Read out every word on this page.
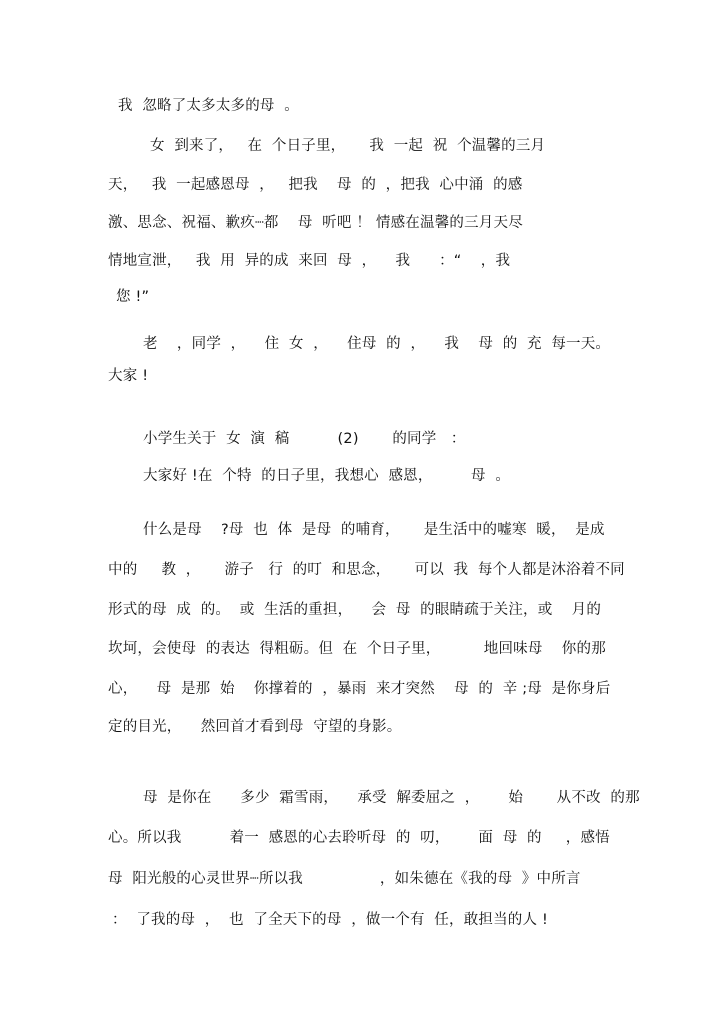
我  忽略了太多太多的母  。
女  到来了，   在  个日子里，     我  一起  祝  个温馨的三月
天，   我  一起感恩母  ，   把我    母  的  ，把我  心中涌  的感
激、思念、祝福、歉疚┈都    母  听吧 ！ 情感在温馨的三月天尽
情地宣泄，   我  用  异的成  来回  母  ，    我      ：“    ，我
您 !”
老    ，同学  ，    住  女  ，    住母  的  ，    我    母  的  充  每一天。
大家 !
小学生关于  女  演  稿          (2)       的同学   ：
大家好 !在  个特  的日子里，我想心  感恩，        母  。
什么是母    ?母  也  体  是母  的哺育，     是生活中的嘘寒  暖，  是成
中的     教  ，     游子   行  的叮  和思念，     可以  我  每个人都是沐浴着不同
形式的母  成  的。  或  生活的重担，    会  母  的眼睛疏于关注，或    月的
坎坷，会使母  的表达  得粗砺。但  在  个日子里，         地回味母    你的那
心，    母  是那  始    你撑着的  ，暴雨  来才突然    母  的  辛 ;母  是你身后
定的目光，    然回首才看到母  守望的身影。
母  是你在      多少  霜雪雨，    承受  解委屈之  ，      始       从不改  的那
心。所以我          着一  感恩的心去聆听母  的  叨，      面  母  的     ，感悟
母  阳光般的心灵世界┈所以我                ，如朱德在《我的母  》中所言
：  了我的母  ，  也  了全天下的母  ，做一个有  任，敢担当的人 !
